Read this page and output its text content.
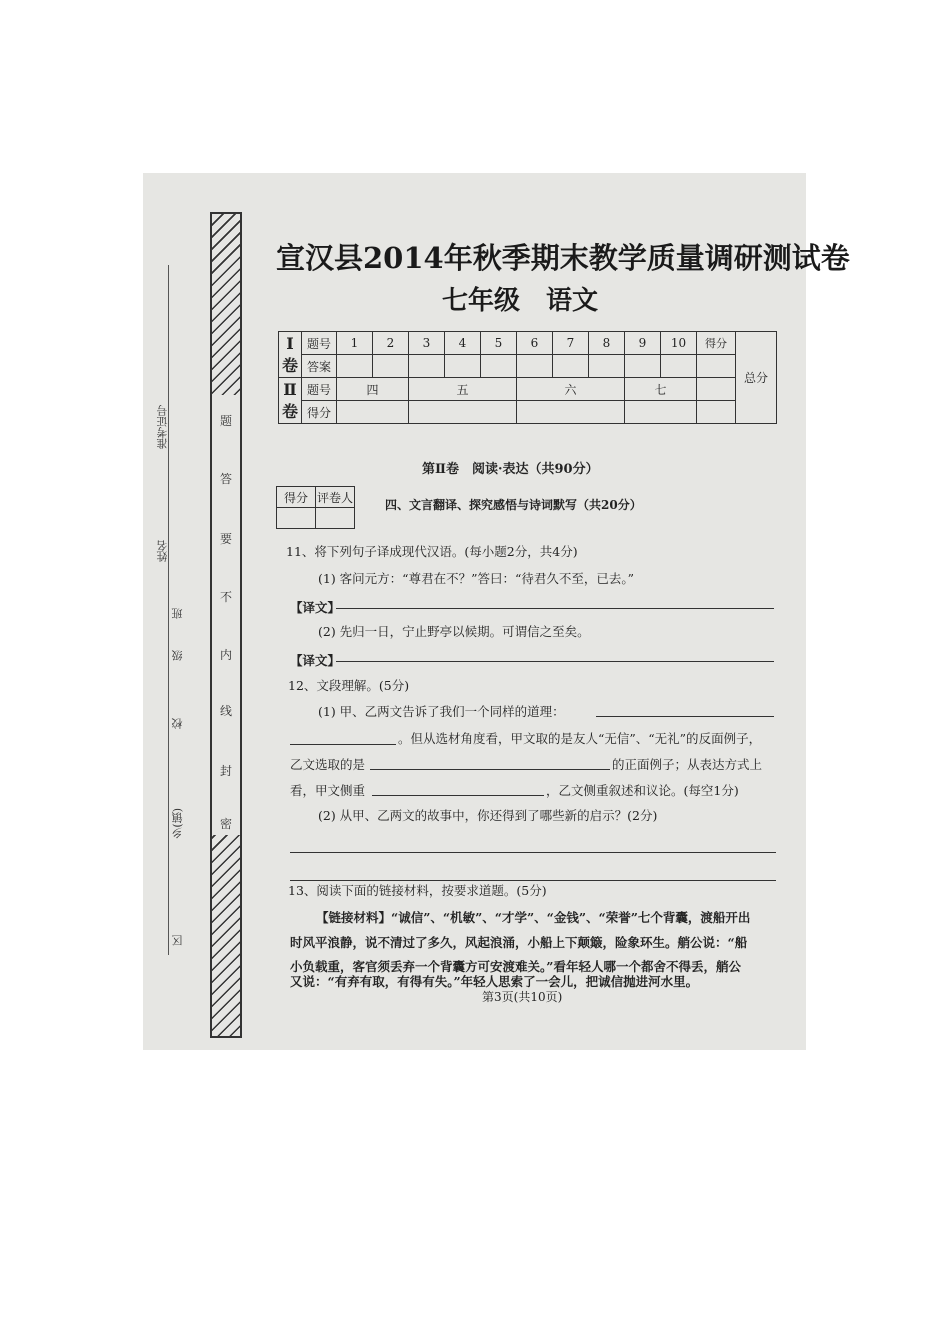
准考证号
姓名
班
级
校
乡(镇)
区
题
答
要
不
内
线
封
密
宣汉县2014年秋季期末教学质量调研测试卷
七年级　语文
Ⅰ卷	题号	1	2	3	4	5	6	7	8	9	10	得分	总分
	答案												
Ⅱ卷	题号	四		五			六			七			
	得分												
第Ⅱ卷　阅读·表达（共90分）
得分	评卷人

四、文言翻译、探究感悟与诗词默写（共20分）
11、将下列句子译成现代汉语。(每小题2分，共4分)
(1) 客问元方：“尊君在不？”答曰：“待君久不至，已去。”
【译文】
(2) 先归一日，宁止野亭以候期。可谓信之至矣。
【译文】
12、文段理解。(5分)
(1) 甲、乙两文告诉了我们一个同样的道理：
。但从选材角度看，甲文取的是友人“无信”、“无礼”的反面例子，
乙文选取的是	的正面例子；从表达方式上
看，甲文侧重	，乙文侧重叙述和议论。(每空1分)
(2) 从甲、乙两文的故事中，你还得到了哪些新的启示？(2分)
13、阅读下面的链接材料，按要求道题。(5分)
【链接材料】“诚信”、“机敏”、“才学”、“金钱”、“荣誉”七个背囊，渡船开出
时风平浪静，说不清过了多久，风起浪涌，小船上下颠簸，险象环生。艄公说：“船
小负载重，客官须丢弃一个背囊方可安渡难关。”看年轻人哪一个都舍不得丢，艄公
又说：“有弃有取，有得有失。”年轻人思索了一会儿，把诚信抛进河水里。
第3页(共10页)
